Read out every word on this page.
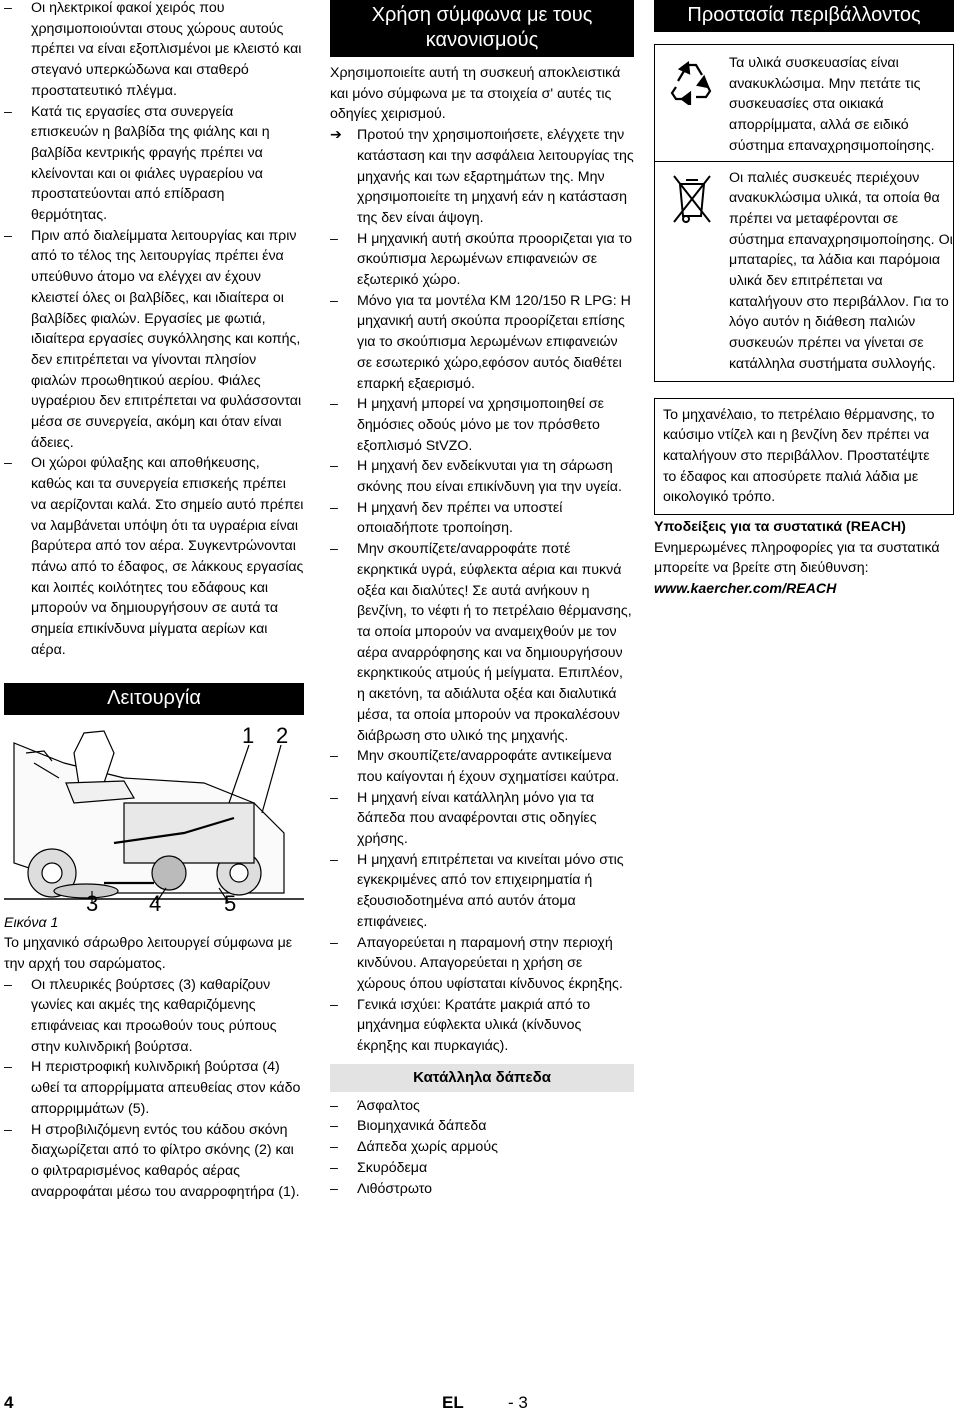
–	Οι ηλεκτρικοί φακοί χειρός που χρησιμοποιούνται στους χώρους αυτούς πρέπει να είναι εξοπλισμένοι με κλειστό και στεγανό υπερκώδωνα και σταθερό προστατευτικό πλέγμα.
–	Κατά τις εργασίες στα συνεργεία επισκευών η βαλβίδα της φιάλης και η βαλβίδα κεντρικής φραγής πρέπει να κλείνονται και οι φιάλες υγραερίου να προστατεύονται από επίδραση θερμότητας.
–	Πριν από διαλείμματα λειτουργίας και πριν από το τέλος της λειτουργίας πρέπει ένα υπεύθυνο άτομο να ελέγχει αν έχουν κλειστεί όλες οι βαλβίδες, και ιδιαίτερα οι βαλβίδες φιαλών. Εργασίες με φωτιά, ιδιαίτερα εργασίες συγκόλλησης και κοπής, δεν επιτρέπεται να γίνονται πλησίον φιαλών προωθητικού αερίου. Φιάλες υγραέριου δεν επιτρέπεται να φυλάσσονται μέσα σε συνεργεία, ακόμη και όταν είναι άδειες.
–	Οι χώροι φύλαξης και αποθήκευσης, καθώς και τα συνεργεία επισκεής πρέπει να αερίζονται καλά. Στο σημείο αυτό πρέπει να λαμβάνεται υπόψη ότι τα υγραέρια είναι βαρύτερα από τον αέρα. Συγκεντρώνονται πάνω από το έδαφος, σε λάκκους εργασίας και λοιπές κοιλότητες του εδάφους και μπορούν να δημιουργήσουν σε αυτά τα σημεία επικίνδυνα μίγματα αερίων και αέρα.
Λειτουργία
1 2
3 4	5
Εικόνα 1

Το μηχανικό σάρωθρο λειτουργεί σύμφωνα με την αρχή του σαρώματος.

–	Οι πλευρικές βούρτσες (3) καθαρίζουν γωνίες και ακμές της καθαριζόμενης επιφάνειας και προωθούν τους ρύπους στην κυλινδρική βούρτσα.
–	Η περιστροφική κυλινδρική βούρτσα (4) ωθεί τα απορρίμματα απευθείας στον κάδο απορριμμάτων (5).
–	Η στροβιλιζόμενη εντός του κάδου σκόνη διαχωρίζεται από το φίλτρο σκόνης (2) και ο φιλτραρισμένος καθαρός αέρας αναρροφάται μέσω του αναρροφητήρα (1).
Χρήση σύμφωνα με τους κανονισμούς

Χρησιμοποιείτε αυτή τη συσκευή αποκλειστικά και μόνο σύμφωνα με τα στοιχεία σ' αυτές τις οδηγίες χειρισμού.

➔	Προτού την χρησιμοποιήσετε, ελέγχετε την κατάσταση και την ασφάλεια λειτουργίας της μηχανής και των εξαρτημάτων της. Μην χρησιμοποιείτε τη μηχανή εάν η κατάσταση της δεν είναι άψογη.
–	Η μηχανική αυτή σκούπα προοριζεται για το σκούπισμα λερωμένων επιφανειών σε εξωτερικό χώρο.
–	Μόνο για τα μοντέλα KM 120/150 R LPG: Η μηχανική αυτή σκούπα προορίζεται επίσης για το σκούπισμα λερωμένων επιφανειών σε εσωτερικό χώρο,εφόσον αυτός διαθέτει επαρκή εξαερισμό.
–	Η μηχανή μπορεί να χρησιμοποιηθεί σε δημόσιες οδούς μόνο με τον πρόσθετο εξοπλισμό StVZO.
–	Η μηχανή δεν ενδείκνυται για τη σάρωση σκόνης που είναι επικίνδυνη για την υγεία.
–	Η μηχανή δεν πρέπει να υποστεί οποιαδήποτε τροποίηση.
–	Μην σκουπίζετε/αναρροφάτε ποτέ εκρηκτικά υγρά, εύφλεκτα αέρια και πυκνά οξέα και διαλύτες! Σε αυτά ανήκουν η βενζίνη, το νέφτι ή το πετρέλαιο θέρμανσης, τα οποία μπορούν να αναμειχθούν με τον αέρα αναρρόφησης και να δημιουργήσουν εκρηκτικούς ατμούς ή μείγματα. Επιπλέον, η ακετόνη, τα αδιάλυτα οξέα και διαλυτικά μέσα, τα οποία μπορούν να προκαλέσουν διάβρωση στο υλικό της μηχανής.
–	Μην σκουπίζετε/αναρροφάτε αντικείμενα που καίγονται ή έχουν σχηματίσει καύτρα.
–	Η μηχανή είναι κατάλληλη μόνο για τα δάπεδα που αναφέρονται στις οδηγίες χρήσης.
–	Η μηχανή επιτρέπεται να κινείται μόνο στις εγκεκριμένες από τον επιχειρηματία ή εξουσιοδοτημένα από αυτόν άτομα επιφάνειες.
–	Απαγορεύεται η παραμονή στην περιοχή κινδύνου. Απαγορεύεται η χρήση σε χώρους όπου υφίσταται κίνδυνος έκρηξης.
–	Γενικά ισχύει: Κρατάτε μακριά από το μηχάνημα εύφλεκτα υλικά (κίνδυνος έκρηξης και πυρκαγιάς).
Κατάλληλα δάπεδα
–	Άσφαλτος
–	Βιομηχανικά δάπεδα
–	Δάπεδα χωρίς αρμούς
–	Σκυρόδεμα
–	Λιθόστρωτο
Προστασία περιβάλλοντος
Τα υλικά συσκευασίας είναι ανακυκλώσιμα. Μην πετάτε τις συσκευασίες στα οικιακά απορρίμματα, αλλά σε ειδικό σύστημα επαναχρησιμοποίησης.
Οι παλιές συσκευές περιέχουν ανακυκλώσιμα υλικά, τα οποία θα πρέπει να μεταφέρονται σε σύστημα επαναχρησιμοποίησης. Οι μπαταρίες, τα λάδια και παρόμοια υλικά δεν επιτρέπεται να καταλήγουν στο περιβάλλον. Για το λόγο αυτόν η διάθεση παλιών συσκευών πρέπει να γίνεται σε κατάλληλα συστήματα συλλογής.
Το μηχανέλαιο, το πετρέλαιο θέρμανσης, το καύσιμο ντίζελ και η βενζίνη δεν πρέπει να καταλήγουν στο περιβάλλον. Προστατέψτε το έδαφος και αποσύρετε παλιά λάδια με οικολογικό τρόπο.
Υποδείξεις για τα συστατικά (REACH)
Ενημερωμένες πληροφορίες για τα συστατικά μπορείτε να βρείτε στη διεύθυνση:
www.kaercher.com/REACH
4	EL	- 3
